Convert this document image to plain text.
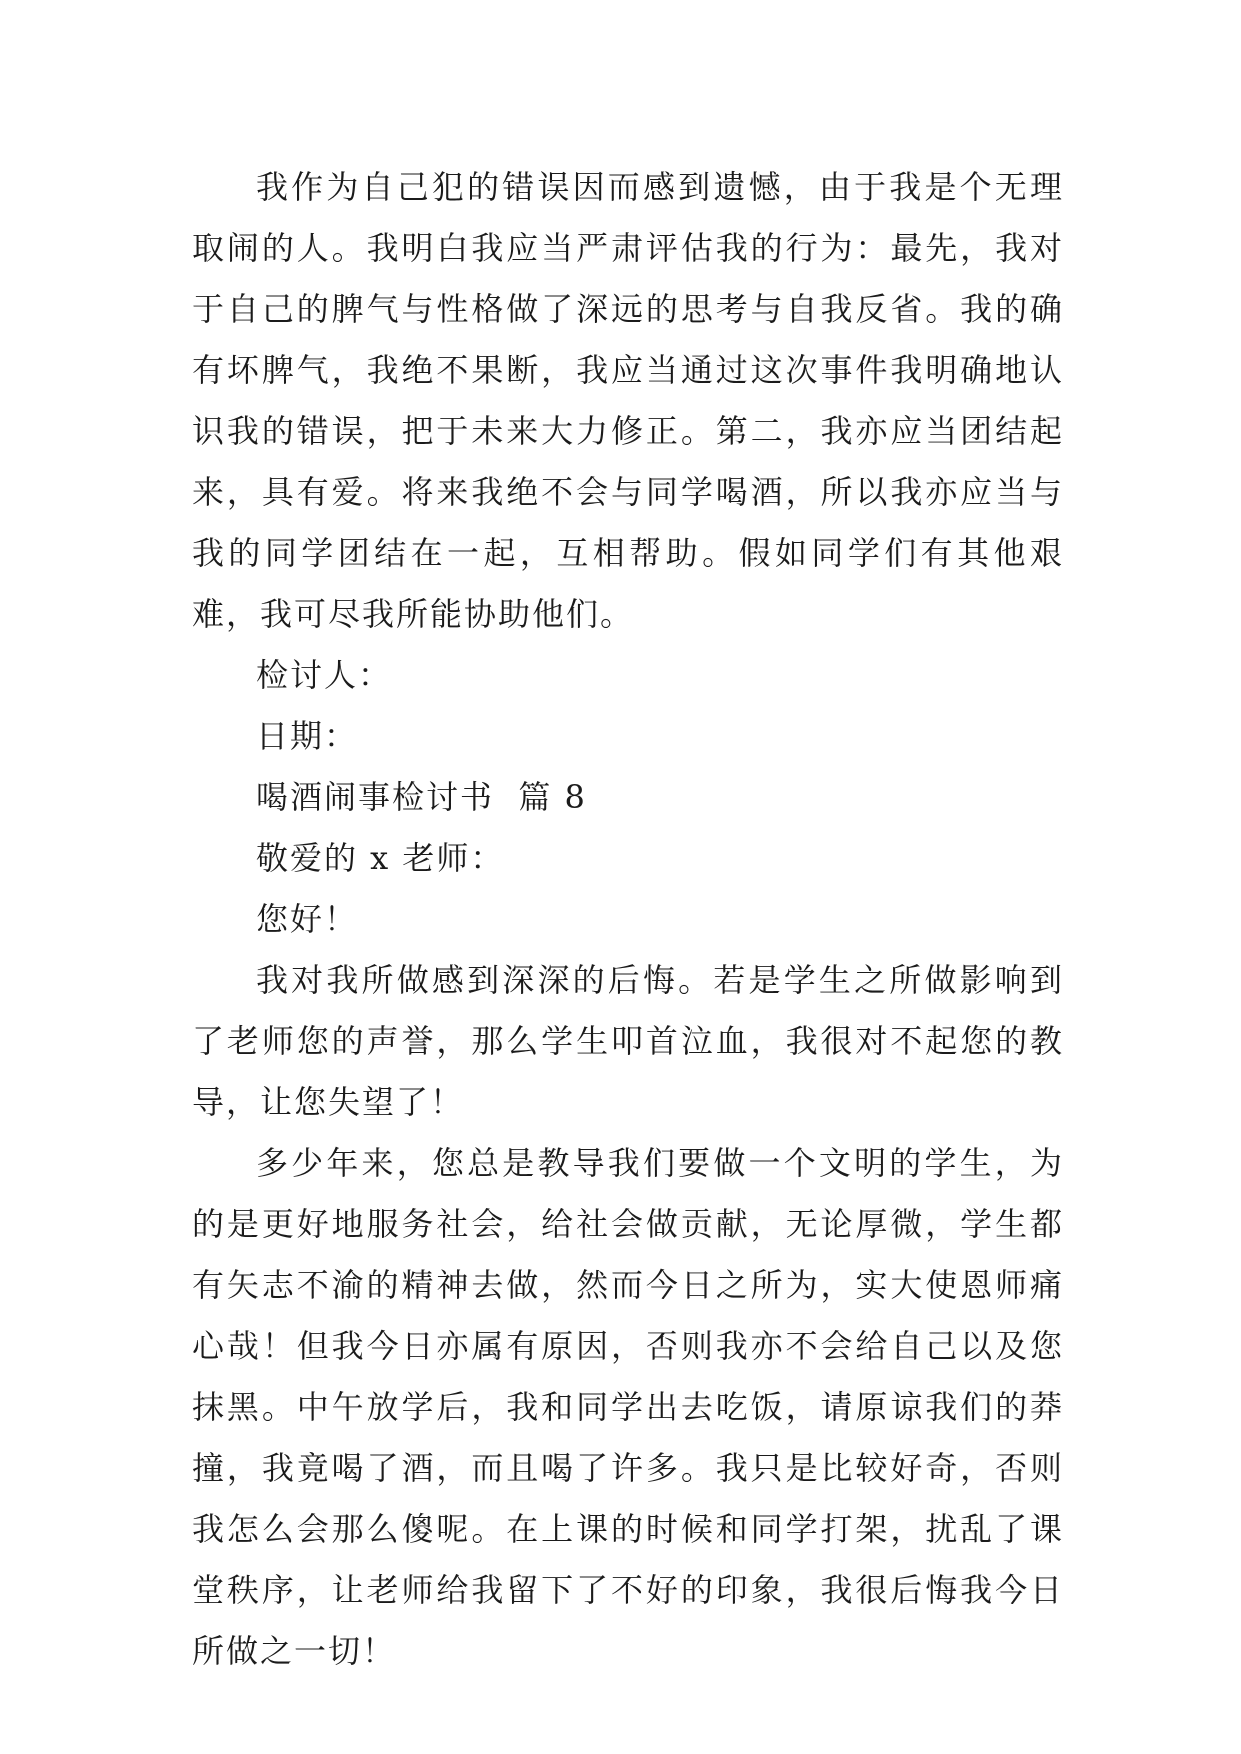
我作为自己犯的错误因而感到遗憾，由于我是个无理取闹的人。我明白我应当严肃评估我的行为：最先，我对于自己的脾气与性格做了深远的思考与自我反省。我的确有坏脾气，我绝不果断，我应当通过这次事件我明确地认识我的错误，把于未来大力修正。第二，我亦应当团结起来，具有爱。将来我绝不会与同学喝酒，所以我亦应当与我的同学团结在一起，互相帮助。假如同学们有其他艰难，我可尽我所能协助他们。

检讨人：

日期：

喝酒闹事检讨书  篇 8

敬爱的 x 老师：

您好！

我对我所做感到深深的后悔。若是学生之所做影响到了老师您的声誉，那么学生叩首泣血，我很对不起您的教导，让您失望了！

多少年来，您总是教导我们要做一个文明的学生，为的是更好地服务社会，给社会做贡献，无论厚微，学生都有矢志不渝的精神去做，然而今日之所为，实大使恩师痛心哉！但我今日亦属有原因，否则我亦不会给自己以及您抹黑。中午放学后，我和同学出去吃饭，请原谅我们的莽撞，我竟喝了酒，而且喝了许多。我只是比较好奇，否则我怎么会那么傻呢。在上课的时候和同学打架，扰乱了课堂秩序，让老师给我留下了不好的印象，我很后悔我今日所做之一切！
